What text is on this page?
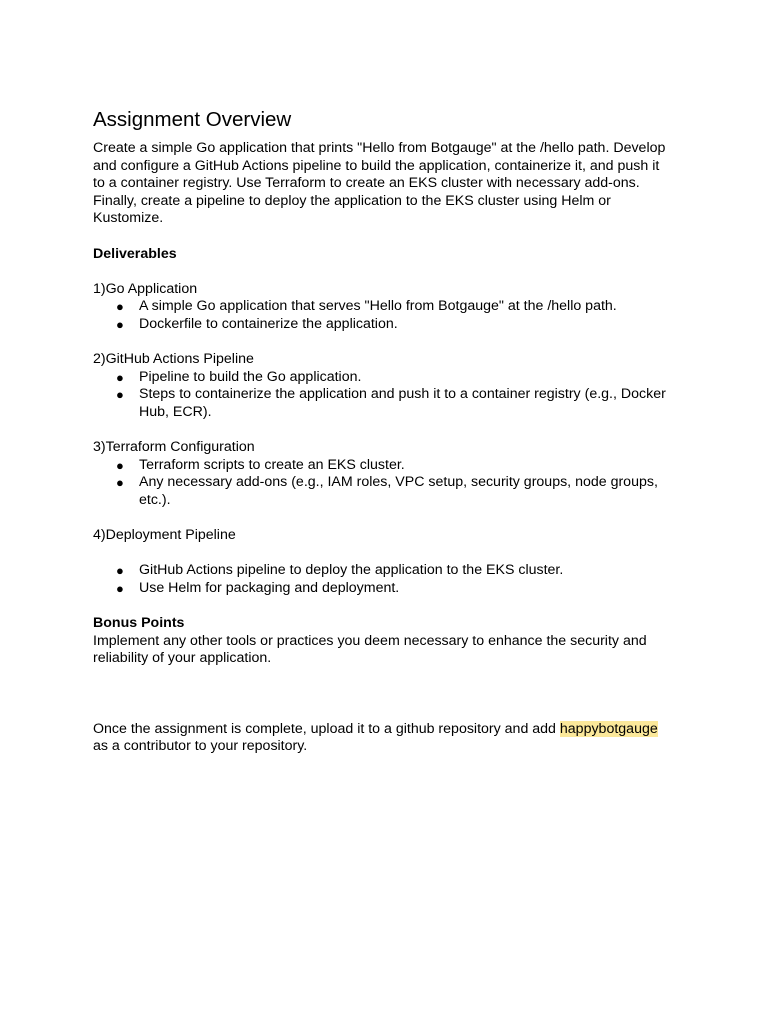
Assignment Overview

Create a simple Go application that prints "Hello from Botgauge" at the /hello path. Develop and configure a GitHub Actions pipeline to build the application, containerize it, and push it to a container registry. Use Terraform to create an EKS cluster with necessary add-ons. Finally, create a pipeline to deploy the application to the EKS cluster using Helm or Kustomize.

Deliverables

1)Go Application

● A simple Go application that serves "Hello from Botgauge" at the /hello path.
● Dockerfile to containerize the application.

2)GitHub Actions Pipeline

● Pipeline to build the Go application.
● Steps to containerize the application and push it to a container registry (e.g., Docker Hub, ECR).

3)Terraform Configuration

● Terraform scripts to create an EKS cluster.
● Any necessary add-ons (e.g., IAM roles, VPC setup, security groups, node groups, etc.).

4)Deployment Pipeline

● GitHub Actions pipeline to deploy the application to the EKS cluster.
● Use Helm for packaging and deployment.

Bonus Points

Implement any other tools or practices you deem necessary to enhance the security and reliability of your application.

Once the assignment is complete, upload it to a github repository and add happybotgauge as a contributor to your repository.
